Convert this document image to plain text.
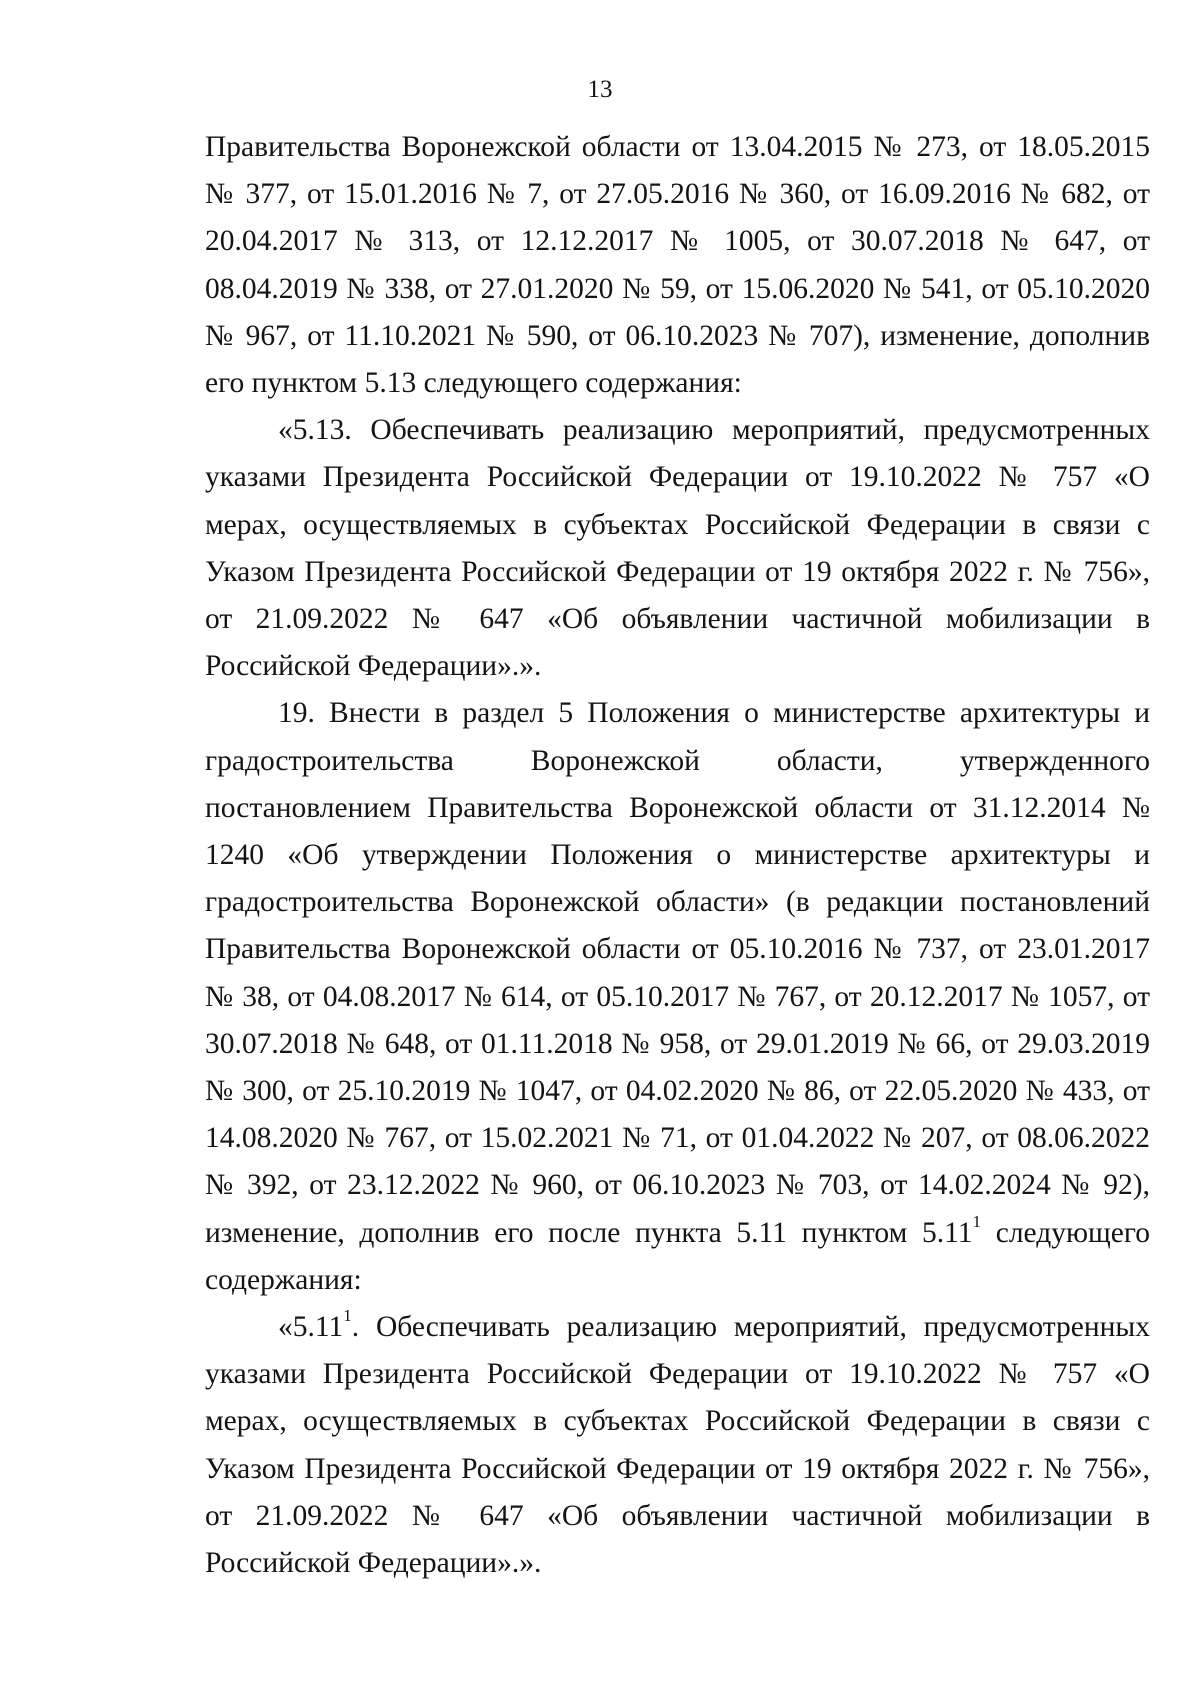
13

Правительства Воронежской области от 13.04.2015 № 273, от 18.05.2015 № 377, от 15.01.2016 № 7, от 27.05.2016 № 360, от 16.09.2016 № 682, от 20.04.2017 № 313, от 12.12.2017 № 1005, от 30.07.2018 № 647, от 08.04.2019 № 338, от 27.01.2020 № 59, от 15.06.2020 № 541, от 05.10.2020 № 967, от 11.10.2021 № 590, от 06.10.2023 № 707), изменение, дополнив его пунктом 5.13 следующего содержания:

«5.13. Обеспечивать реализацию мероприятий, предусмотренных указами Президента Российской Федерации от 19.10.2022 № 757 «О мерах, осуществляемых в субъектах Российской Федерации в связи с Указом Президента Российской Федерации от 19 октября 2022 г. № 756», от 21.09.2022 № 647 «Об объявлении частичной мобилизации в Российской Федерации».».

19. Внести в раздел 5 Положения о министерстве архитектуры и градостроительства Воронежской области, утвержденного постановлением Правительства Воронежской области от 31.12.2014 № 1240 «Об утверждении Положения о министерстве архитектуры и градостроительства Воронежской области» (в редакции постановлений Правительства Воронежской области от 05.10.2016 № 737, от 23.01.2017 № 38, от 04.08.2017 № 614, от 05.10.2017 № 767, от 20.12.2017 № 1057, от 30.07.2018 № 648, от 01.11.2018 № 958, от 29.01.2019 № 66, от 29.03.2019 № 300, от 25.10.2019 № 1047, от 04.02.2020 № 86, от 22.05.2020 № 433, от 14.08.2020 № 767, от 15.02.2021 № 71, от 01.04.2022 № 207, от 08.06.2022 № 392, от 23.12.2022 № 960, от 06.10.2023 № 703, от 14.02.2024 № 92), изменение, дополнив его после пункта 5.11 пунктом 5.11$^1$ следующего содержания:

«5.11$^1$. Обеспечивать реализацию мероприятий, предусмотренных указами Президента Российской Федерации от 19.10.2022 № 757 «О мерах, осуществляемых в субъектах Российской Федерации в связи с Указом Президента Российской Федерации от 19 октября 2022 г. № 756», от 21.09.2022 № 647 «Об объявлении частичной мобилизации в Российской Федерации».».
